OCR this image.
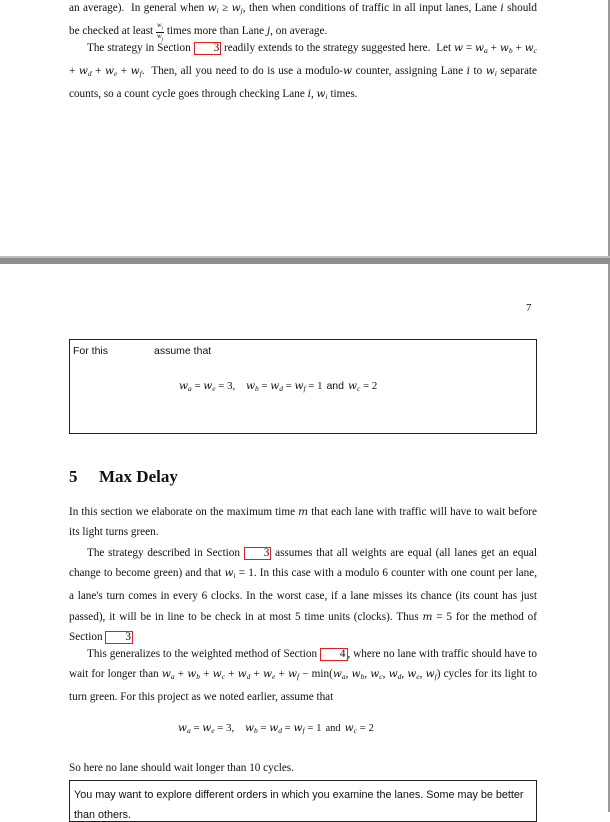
an average).  In general when $w_i \ge w_j$, then when conditions of traffic in all input lanes, Lane i should be checked at least $\frac{w_i}{w_j}$ times more than Lane j, on average.

The strategy in Section 3 readily extends to the strategy suggested here.  Let $w = w_a + w_b + w_c + w_d + w_e + w_f$.  Then, all you need to do is use a modulo-w counter, assigning Lane i to $w_i$ separate counts, so a count cycle goes through checking Lane i, $w_i$ times.

7
For this	assume that
$w_a = w_e = 3$,    $w_b = w_d = w_f = 1$ and $w_c = 2$
5 Max Delay

In this section we elaborate on the maximum time m that each lane with traffic will have to wait before its light turns green.

The strategy described in Section 3 assumes that all weights are equal (all lanes get an equal change to become green) and that $w_i = 1$. In this case with a modulo 6 counter with one count per lane, a lane's turn comes in every 6 clocks. In the worst case, if a lane misses its chance (its count has just passed), it will be in line to be check in at most 5 time units (clocks). Thus m = 5 for the method of Section 3

This generalizes to the weighted method of Section 4 , where no lane with traffic should have to wait for longer than $w_a + w_b + w_c + w_d + w_e + w_f - \min(w_a$, $w_b$, $w_c$, $w_d$, $w_e$, $w_f$) cycles for its light to turn green. For this project as we noted earlier, assume that

$w_a = w_e = 3$,    $w_b = w_d = w_f = 1$ and $w_c = 2$

So here no lane should wait longer than 10 cycles.

You may want to explore different orders in which you examine the lanes. Some may be better than others.
